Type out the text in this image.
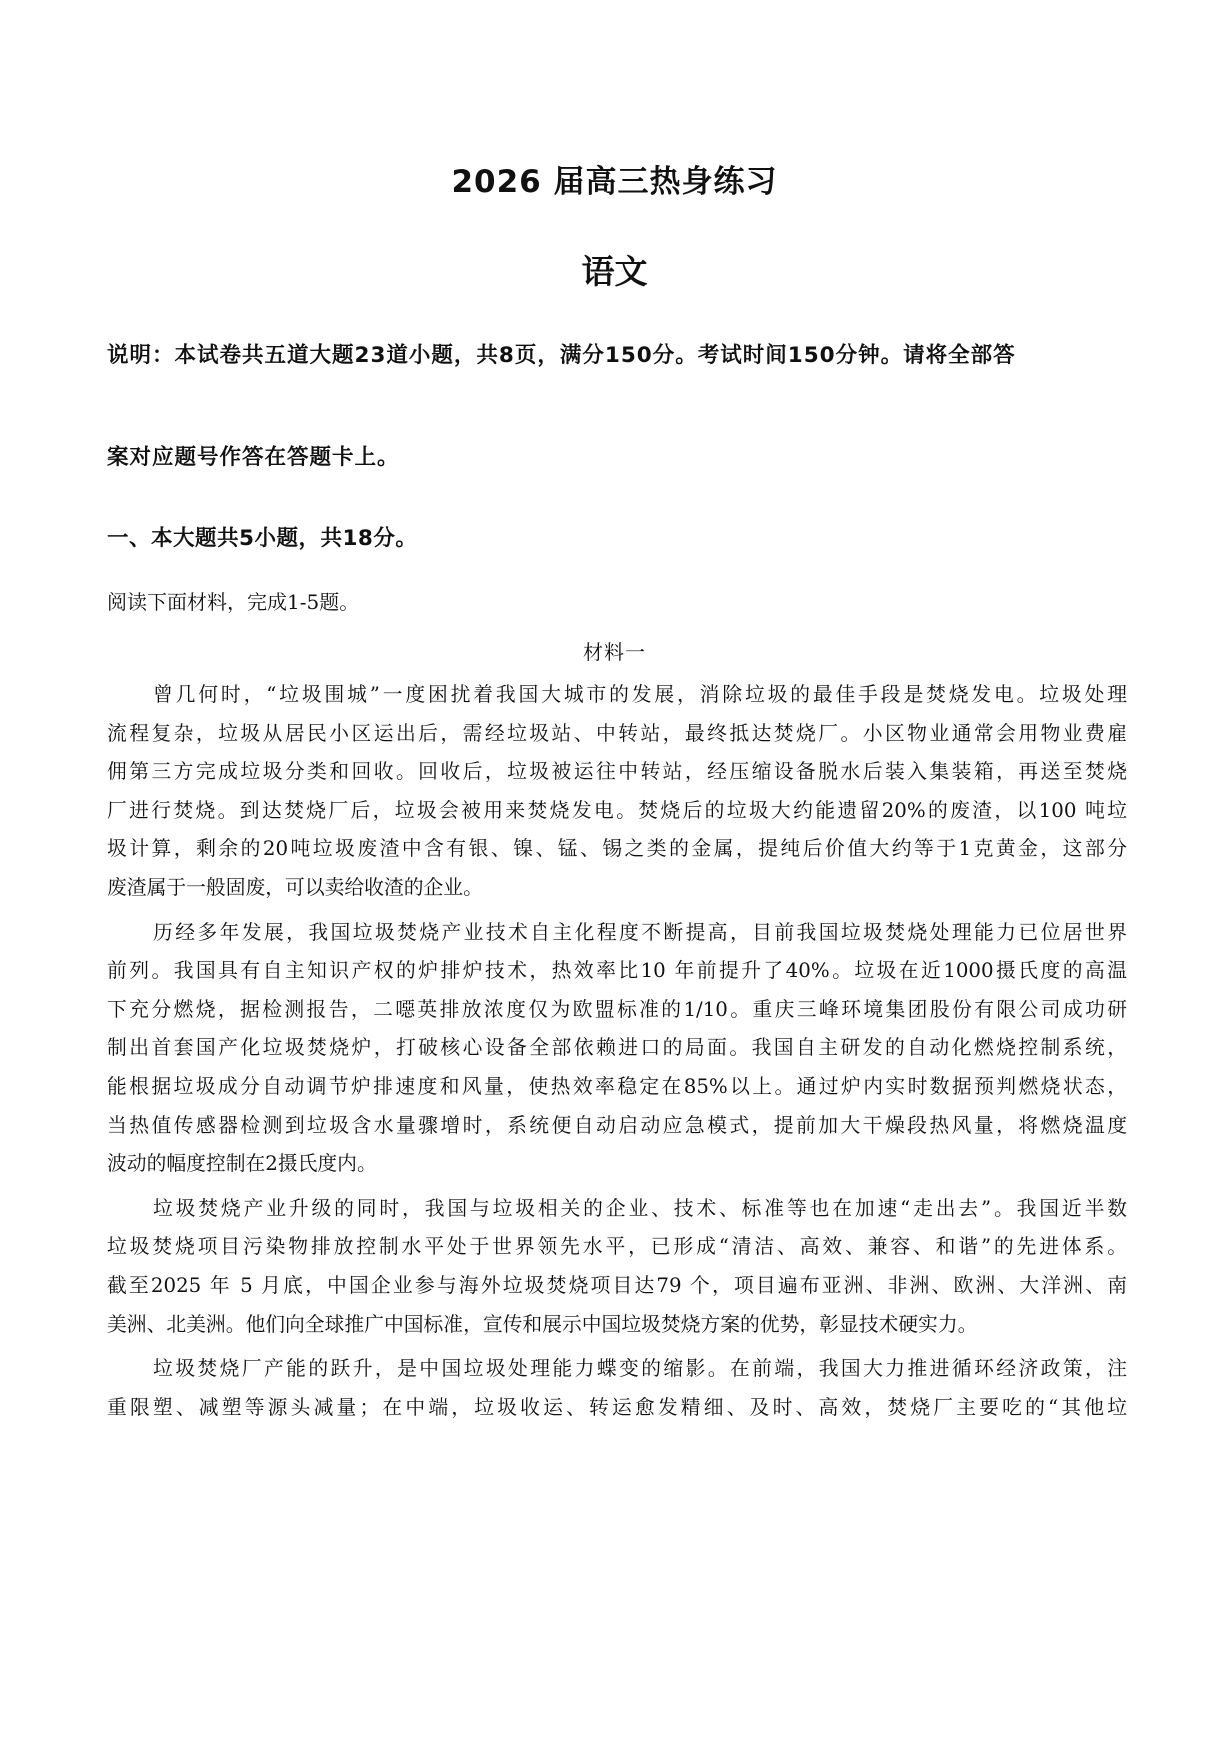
2026 届高三热身练习
语文
说明：本试卷共五道大题23道小题，共8页，满分150分。考试时间150分钟。请将全部答
案对应题号作答在答题卡上。
一、本大题共5小题，共18分。
阅读下面材料，完成1-5题。
材料一
曾几何时，“垃圾围城”一度困扰着我国大城市的发展，消除垃圾的最佳手段是焚烧发电。垃圾处理
流程复杂，垃圾从居民小区运出后，需经垃圾站、中转站，最终抵达焚烧厂。小区物业通常会用物业费雇
佣第三方完成垃圾分类和回收。回收后，垃圾被运往中转站，经压缩设备脱水后装入集装箱，再送至焚烧
厂进行焚烧。到达焚烧厂后，垃圾会被用来焚烧发电。焚烧后的垃圾大约能遗留20%的废渣，以100 吨垃
圾计算，剩余的20吨垃圾废渣中含有银、镍、锰、锡之类的金属，提纯后价值大约等于1克黄金，这部分
废渣属于一般固废，可以卖给收渣的企业。
历经多年发展，我国垃圾焚烧产业技术自主化程度不断提高，目前我国垃圾焚烧处理能力已位居世界
前列。我国具有自主知识产权的炉排炉技术，热效率比10 年前提升了40%。垃圾在近1000摄氏度的高温
下充分燃烧，据检测报告，二噁英排放浓度仅为欧盟标准的1/10。重庆三峰环境集团股份有限公司成功研
制出首套国产化垃圾焚烧炉，打破核心设备全部依赖进口的局面。我国自主研发的自动化燃烧控制系统，
能根据垃圾成分自动调节炉排速度和风量，使热效率稳定在85%以上。通过炉内实时数据预判燃烧状态，
当热值传感器检测到垃圾含水量骤增时，系统便自动启动应急模式，提前加大干燥段热风量，将燃烧温度
波动的幅度控制在2摄氏度内。
垃圾焚烧产业升级的同时，我国与垃圾相关的企业、技术、标准等也在加速“走出去”。我国近半数
垃圾焚烧项目污染物排放控制水平处于世界领先水平，已形成“清洁、高效、兼容、和谐”的先进体系。
截至2025 年 5 月底，中国企业参与海外垃圾焚烧项目达79 个，项目遍布亚洲、非洲、欧洲、大洋洲、南
美洲、北美洲。他们向全球推广中国标准，宣传和展示中国垃圾焚烧方案的优势，彰显技术硬实力。
垃圾焚烧厂产能的跃升，是中国垃圾处理能力蝶变的缩影。在前端，我国大力推进循环经济政策，注
重限塑、减塑等源头减量；在中端，垃圾收运、转运愈发精细、及时、高效，焚烧厂主要吃的“其他垃
